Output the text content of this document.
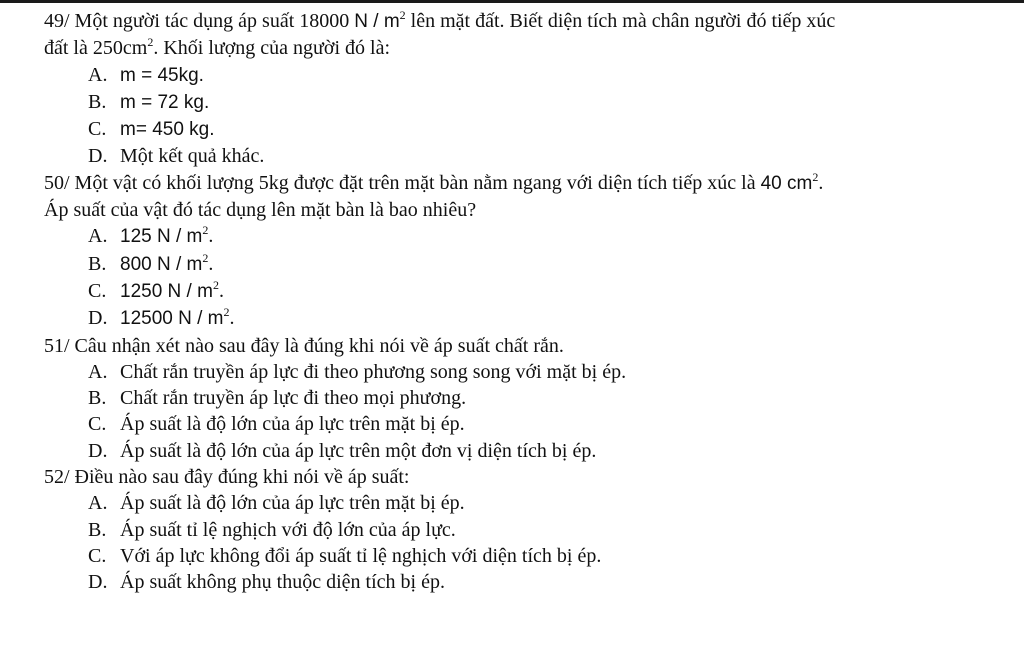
49/ Một người tác dụng áp suất 18000 N / $m^2$ lên mặt đất. Biết diện tích mà chân người đó tiếp xúc
đất là $250cm^2$. Khối lượng của người đó là:
A. m = 45kg.
B. m = 72 kg.
C. m= 450 kg.
D. Một kết quả khác.
50/ Một vật có khối lượng 5kg được đặt trên mặt bàn nằm ngang với diện tích tiếp xúc là 40 $cm^2$.
Áp suất của vật đó tác dụng lên mặt bàn là bao nhiêu?
A. 125 N / $m^2$.
B. 800 N / $m^2$.
C. 1250 N / $m^2$.
D. 12500 N / $m^2$.
51/ Câu nhận xét nào sau đây là đúng khi nói về áp suất chất rắn.
A. Chất rắn truyền áp lực đi theo phương song song với mặt bị ép.
B. Chất rắn truyền áp lực đi theo mọi phương.
C. Áp suất là độ lớn của áp lực trên mặt bị ép.
D. Áp suất là độ lớn của áp lực trên một đơn vị diện tích bị ép.
52/ Điều nào sau đây đúng khi nói về áp suất:
A. Áp suất là độ lớn của áp lực trên mặt bị ép.
B. Áp suất tỉ lệ nghịch với độ lớn của áp lực.
C. Với áp lực không đổi áp suất tỉ lệ nghịch với diện tích bị ép.
D. Áp suất không phụ thuộc diện tích bị ép.
